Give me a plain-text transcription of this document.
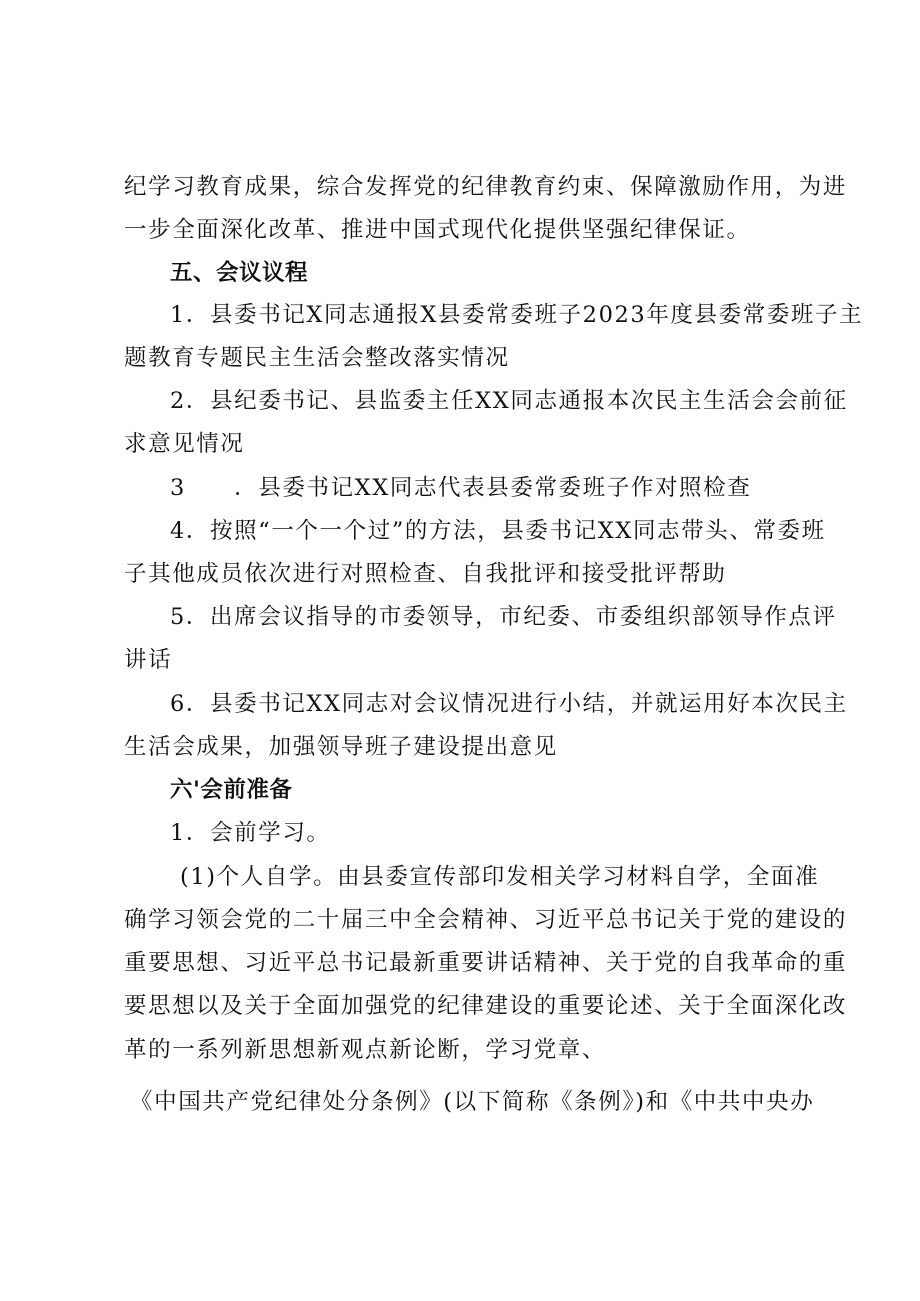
纪学习教育成果，综合发挥党的纪律教育约束、保障激励作用，为进
一步全面深化改革、推进中国式现代化提供坚强纪律保证。
五、会议议程
1．县委书记X同志通报X县委常委班子2023年度县委常委班子主
题教育专题民主生活会整改落实情况
2．县纪委书记、县监委主任XX同志通报本次民主生活会会前征
求意见情况
3　　．县委书记XX同志代表县委常委班子作对照检查
4．按照“一个一个过”的方法，县委书记XX同志带头、常委班
子其他成员依次进行对照检查、自我批评和接受批评帮助
5．出席会议指导的市委领导，市纪委、市委组织部领导作点评
讲话
6．县委书记XX同志对会议情况进行小结，并就运用好本次民主
生活会成果，加强领导班子建设提出意见
六'会前准备
1．会前学习。
(1)个人自学。由县委宣传部印发相关学习材料自学，全面准
确学习领会党的二十届三中全会精神、习近平总书记关于党的建设的
重要思想、习近平总书记最新重要讲话精神、关于党的自我革命的重
要思想以及关于全面加强党的纪律建设的重要论述、关于全面深化改
革的一系列新思想新观点新论断，学习党章、
《中国共产党纪律处分条例》(以下简称《条例》)和《中共中央办
